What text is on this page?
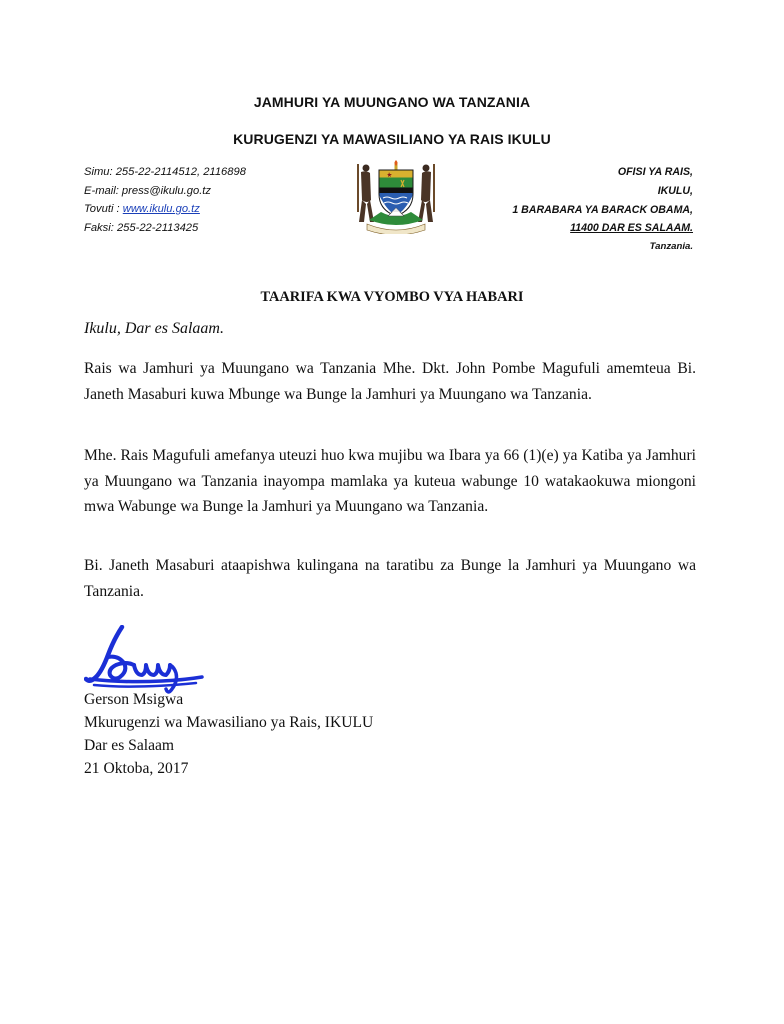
JAMHURI YA MUUNGANO WA TANZANIA
KURUGENZI YA MAWASILIANO YA RAIS IKULU
Simu: 255-22-2114512, 2116898
E-mail: press@ikulu.go.tz
Tovuti : www.ikulu.go.tz
Faksi: 255-22-2113425
OFISI YA RAIS,
IKULU,
1 BARABARA YA BARACK OBAMA,
11400 DAR ES SALAAM.
Tanzania.
TAARIFA KWA VYOMBO VYA HABARI
Ikulu, Dar es Salaam.

Rais wa Jamhuri ya Muungano wa Tanzania Mhe. Dkt. John Pombe Magufuli amemteua Bi. Janeth Masaburi kuwa Mbunge wa Bunge la Jamhuri ya Muungano wa Tanzania.

Mhe. Rais Magufuli amefanya uteuzi huo kwa mujibu wa Ibara ya 66 (1)(e) ya Katiba ya Jamhuri ya Muungano wa Tanzania inayompa mamlaka ya kuteua wabunge 10 watakaokuwa miongoni mwa Wabunge wa Bunge la Jamhuri ya Muungano wa Tanzania.

Bi. Janeth Masaburi ataapishwa kulingana na taratibu za Bunge la Jamhuri ya Muungano wa Tanzania.

Gerson Msigwa
Mkurugenzi wa Mawasiliano ya Rais, IKULU
Dar es Salaam
21 Oktoba, 2017
